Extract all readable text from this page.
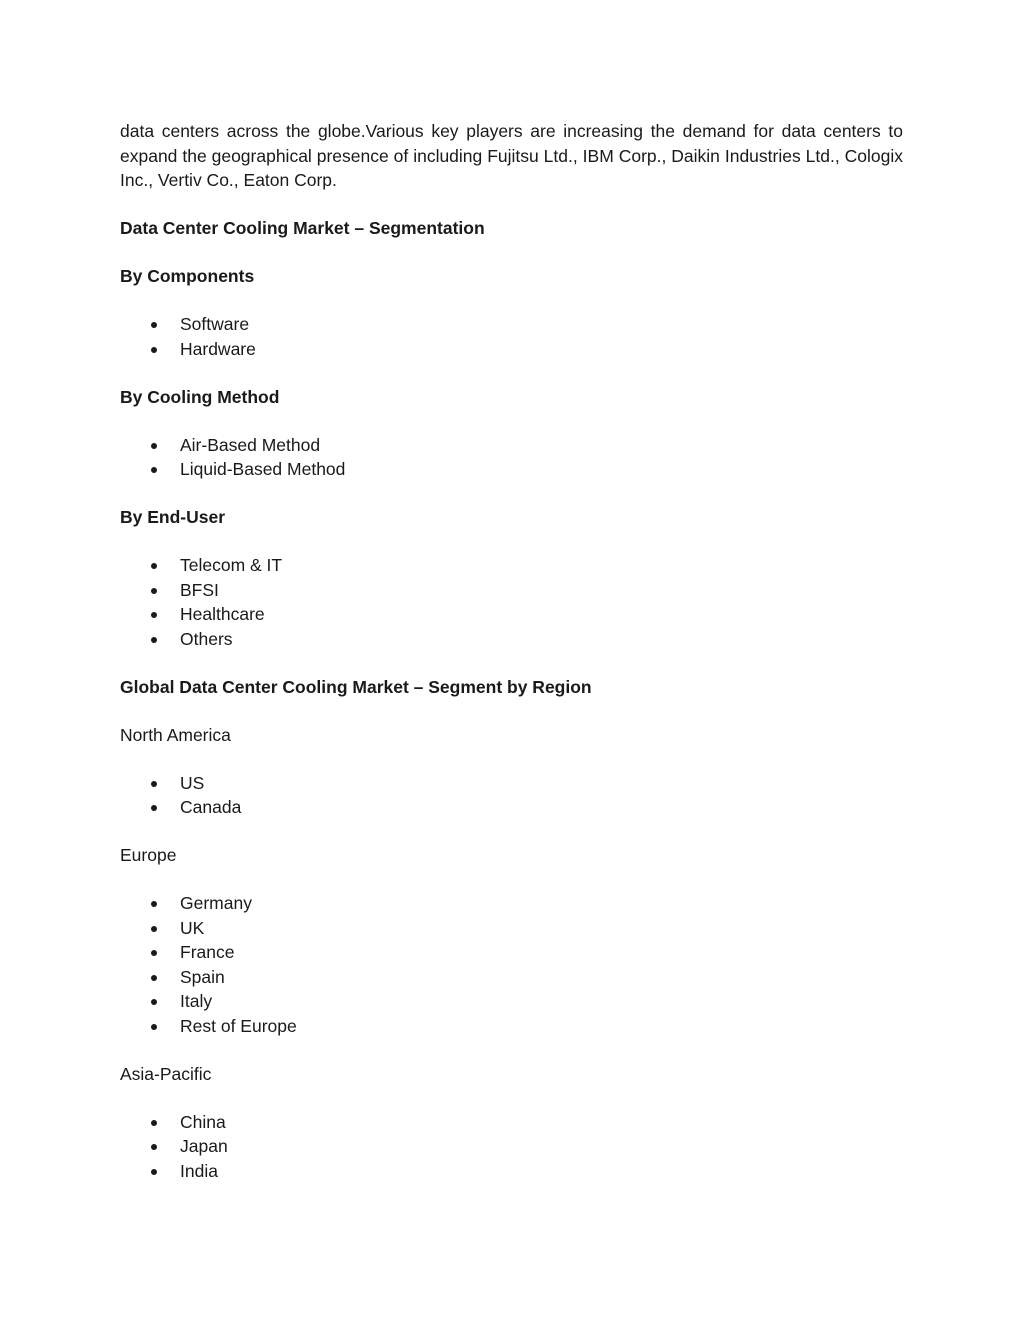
data centers across the globe.Various key players are increasing the demand for data centers to expand the geographical presence of including Fujitsu Ltd., IBM Corp., Daikin Industries Ltd., Cologix Inc., Vertiv Co., Eaton Corp.

Data Center Cooling Market – Segmentation

By Components

Software
Hardware

By Cooling Method

Air-Based Method
Liquid-Based Method

By End-User

Telecom & IT
BFSI
Healthcare
Others

Global Data Center Cooling Market – Segment by Region

North America

US
Canada

Europe

Germany
UK
France
Spain
Italy
Rest of Europe

Asia-Pacific

China
Japan
India
